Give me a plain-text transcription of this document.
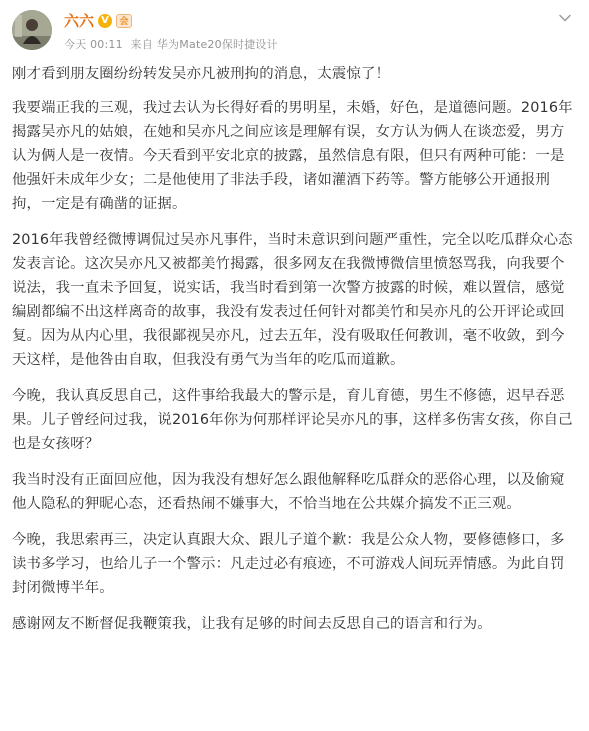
六六 V	会
今天 00:11 来自 华为Mate20保时捷设计

刚才看到朋友圈纷纷转发吴亦凡被刑拘的消息，太震惊了！

我要端正我的三观，我过去认为长得好看的男明星，未婚，好色，是道德问题。2016年揭露吴亦凡的姑娘，在她和吴亦凡之间应该是理解有误，女方认为俩人在谈恋爱，男方认为俩人是一夜情。今天看到平安北京的披露，虽然信息有限，但只有两种可能：一是他强奸未成年少女；二是他使用了非法手段，诸如灌酒下药等。警方能够公开通报刑拘，一定是有确凿的证据。

2016年我曾经微博调侃过吴亦凡事件，当时未意识到问题严重性，完全以吃瓜群众心态发表言论。这次吴亦凡又被都美竹揭露，很多网友在我微博微信里愤怒骂我，向我要个说法，我一直未予回复，说实话，我当时看到第一次警方披露的时候，难以置信，感觉编剧都编不出这样离奇的故事，我没有发表过任何针对都美竹和吴亦凡的公开评论或回复。因为从内心里，我很鄙视吴亦凡，过去五年，没有吸取任何教训，毫不收敛，到今天这样，是他咎由自取，但我没有勇气为当年的吃瓜而道歉。

今晚，我认真反思自己，这件事给我最大的警示是，育儿育德，男生不修德，迟早吞恶果。儿子曾经问过我，说2016年你为何那样评论吴亦凡的事，这样多伤害女孩，你自己也是女孩呀？

我当时没有正面回应他，因为我没有想好怎么跟他解释吃瓜群众的恶俗心理，以及偷窥他人隐私的狎昵心态，还看热闹不嫌事大，不恰当地在公共媒介搞发不正三观。

今晚，我思索再三，决定认真跟大众、跟儿子道个歉：我是公众人物，要修德修口，多读书多学习，也给儿子一个警示：凡走过必有痕迹，不可游戏人间玩弄情感。为此自罚封闭微博半年。

感谢网友不断督促我鞭策我，让我有足够的时间去反思自己的语言和行为。
